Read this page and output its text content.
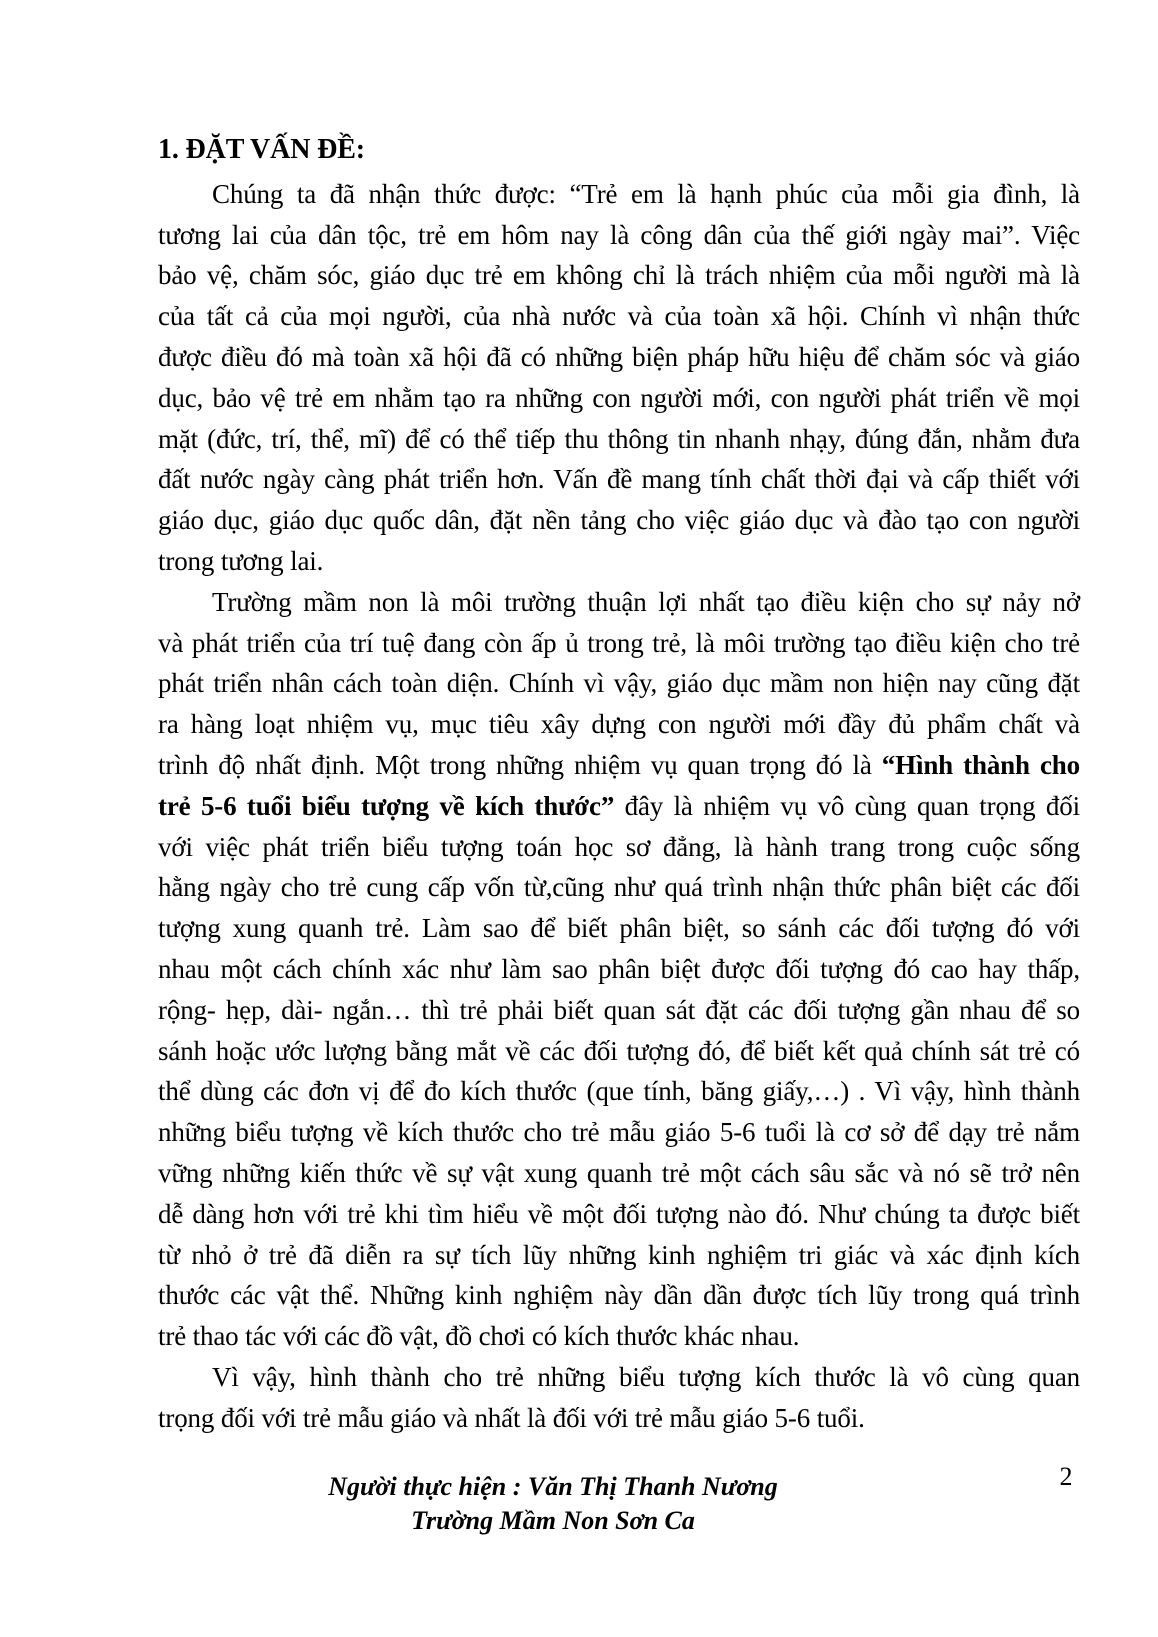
1. ĐẶT VẤN ĐỀ:
Chúng ta đã nhận thức được: “Trẻ em là hạnh phúc của mỗi gia đình, là
tương lai của dân tộc, trẻ em hôm nay là công dân của thế giới ngày mai”. Việc
bảo vệ, chăm sóc, giáo dục trẻ em không chỉ là trách nhiệm của mỗi người mà là
của tất cả của mọi người, của nhà nước và của toàn xã hội. Chính vì nhận thức
được điều đó mà toàn xã hội đã có những biện pháp hữu hiệu để chăm sóc và giáo
dục, bảo vệ trẻ em nhằm tạo ra những con người mới, con người phát triển về mọi
mặt (đức, trí, thể, mĩ) để có thể tiếp thu thông tin nhanh nhạy, đúng đắn, nhằm đưa
đất nước ngày càng phát triển hơn. Vấn đề mang tính chất thời đại và cấp thiết với
giáo dục, giáo dục quốc dân, đặt nền tảng cho việc giáo dục và đào tạo con người
trong tương lai.
Trường mầm non là môi trường thuận lợi nhất tạo điều kiện cho sự nảy nở
và phát triển của trí tuệ đang còn ấp ủ trong trẻ, là môi trường tạo điều kiện cho trẻ
phát triển nhân cách toàn diện. Chính vì vậy, giáo dục mầm non hiện nay cũng đặt
ra hàng loạt nhiệm vụ, mục tiêu xây dựng con người mới đầy đủ phẩm chất và
trình độ nhất định. Một trong những nhiệm vụ quan trọng đó là “Hình thành cho
trẻ 5-6 tuổi biểu tượng về kích thước” đây là nhiệm vụ vô cùng quan trọng đối
với việc phát triển biểu tượng toán học sơ đẳng, là hành trang trong cuộc sống
hằng ngày cho trẻ cung cấp vốn từ,cũng như quá trình nhận thức phân biệt các đối
tượng xung quanh trẻ. Làm sao để biết phân biệt, so sánh các đối tượng đó với
nhau một cách chính xác như làm sao phân biệt được đối tượng đó cao hay thấp,
rộng- hẹp, dài- ngắn… thì trẻ phải biết quan sát đặt các đối tượng gần nhau để so
sánh hoặc ước lượng bằng mắt về các đối tượng đó, để biết kết quả chính sát trẻ có
thể dùng các đơn vị để đo kích thước (que tính, băng giấy,…) . Vì vậy, hình thành
những biểu tượng về kích thước cho trẻ mẫu giáo 5-6 tuổi là cơ sở để dạy trẻ nắm
vững những kiến thức về sự vật xung quanh trẻ một cách sâu sắc và nó sẽ trở nên
dễ dàng hơn với trẻ khi tìm hiểu về một đối tượng nào đó. Như chúng ta được biết
từ nhỏ ở trẻ đã diễn ra sự tích lũy những kinh nghiệm tri giác và xác định kích
thước các vật thể. Những kinh nghiệm này dần dần được tích lũy trong quá trình
trẻ thao tác với các đồ vật, đồ chơi có kích thước khác nhau.
Vì vậy, hình thành cho trẻ những biểu tượng kích thước là vô cùng quan
trọng đối với trẻ mẫu giáo và nhất là đối với trẻ mẫu giáo 5-6 tuổi.
Người thực hiện : Văn Thị Thanh Nương
Trường Mầm Non Sơn Ca
2
